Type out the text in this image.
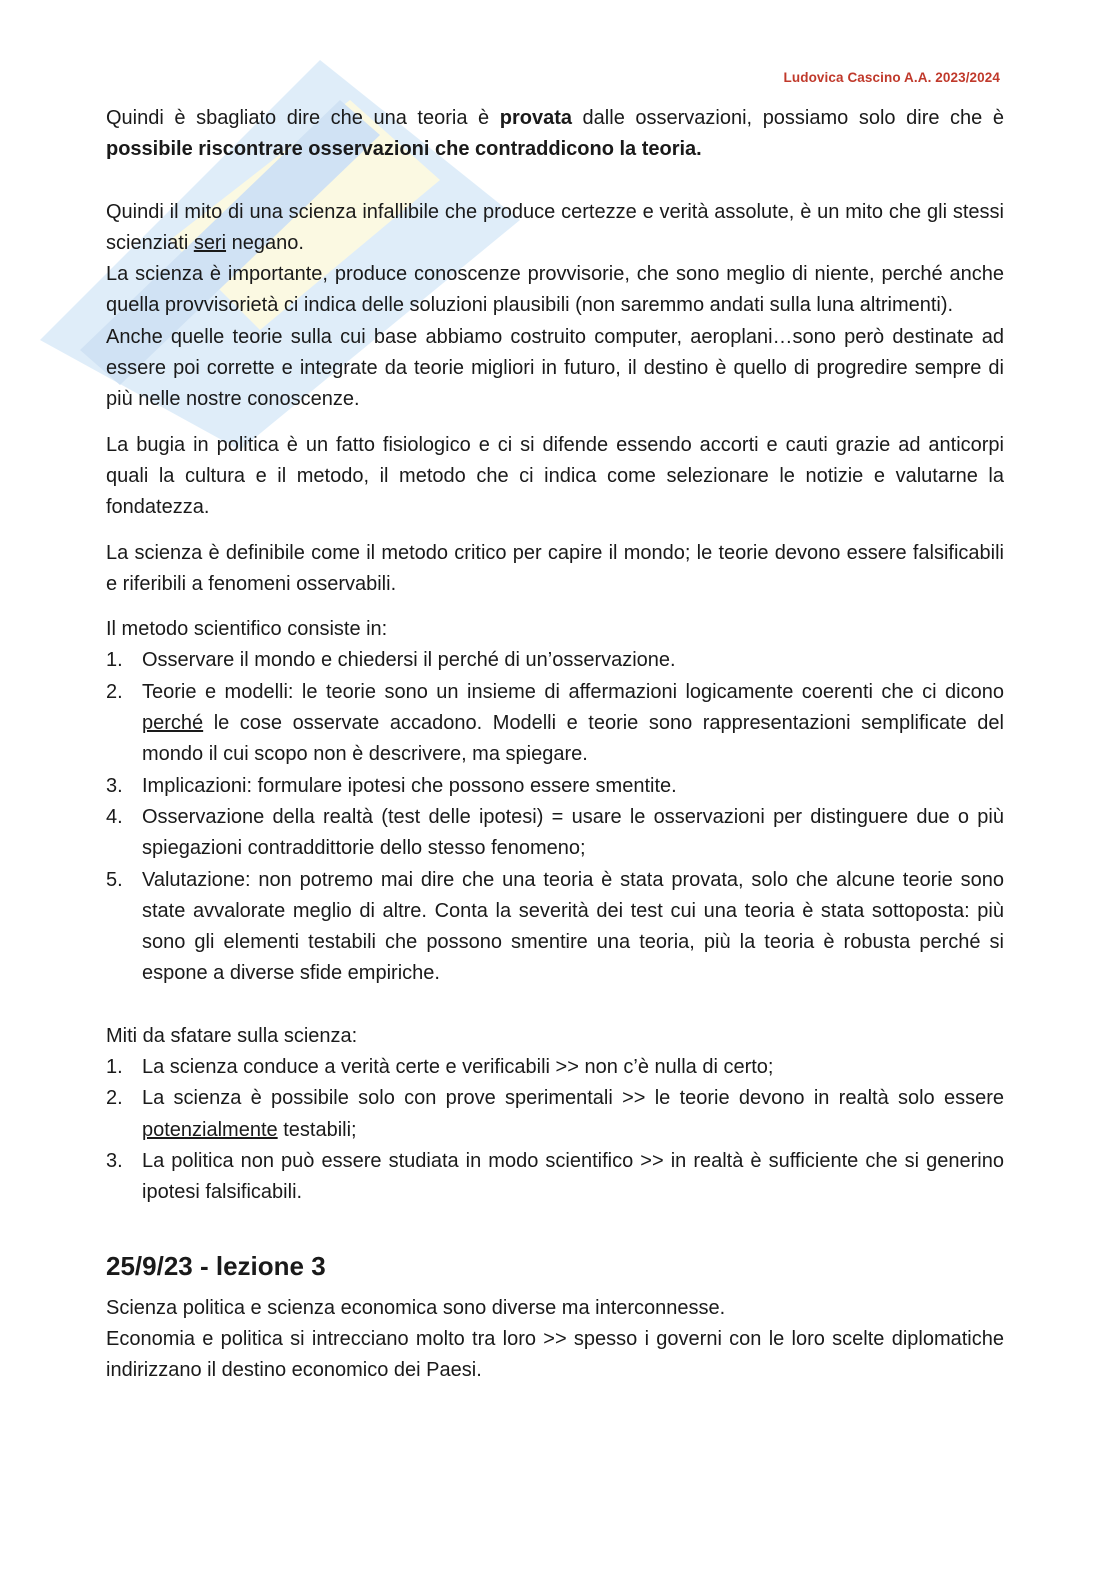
Ludovica Cascino A.A. 2023/2024

Quindi è sbagliato dire che una teoria è provata dalle osservazioni, possiamo solo dire che è possibile riscontrare osservazioni che contraddicono la teoria.

Quindi il mito di una scienza infallibile che produce certezze e verità assolute, è un mito che gli stessi scienziati seri negano.

La scienza è importante, produce conoscenze provvisorie, che sono meglio di niente, perché anche quella provvisorietà ci indica delle soluzioni plausibili (non saremmo andati sulla luna altrimenti).

Anche quelle teorie sulla cui base abbiamo costruito computer, aeroplani…sono però destinate ad essere poi corrette e integrate da teorie migliori in futuro, il destino è quello di progredire sempre di più nelle nostre conoscenze.

La bugia in politica è un fatto fisiologico e ci si difende essendo accorti e cauti grazie ad anticorpi quali la cultura e il metodo, il metodo che ci indica come selezionare le notizie e valutarne la fondatezza.

La scienza è definibile come il metodo critico per capire il mondo; le teorie devono essere falsificabili e riferibili a fenomeni osservabili.

Il metodo scientifico consiste in:

1. Osservare il mondo e chiedersi il perché di un’osservazione.
2. Teorie e modelli: le teorie sono un insieme di affermazioni logicamente coerenti che ci dicono perché le cose osservate accadono. Modelli e teorie sono rappresentazioni semplificate del mondo il cui scopo non è descrivere, ma spiegare.
3. Implicazioni: formulare ipotesi che possono essere smentite.
4. Osservazione della realtà (test delle ipotesi) = usare le osservazioni per distinguere due o più spiegazioni contraddittorie dello stesso fenomeno;
5. Valutazione: non potremo mai dire che una teoria è stata provata, solo che alcune teorie sono state avvalorate meglio di altre. Conta la severità dei test cui una teoria è stata sottoposta: più sono gli elementi testabili che possono smentire una teoria, più la teoria è robusta perché si espone a diverse sfide empiriche.

Miti da sfatare sulla scienza:

1. La scienza conduce a verità certe e verificabili >> non c’è nulla di certo;
2. La scienza è possibile solo con prove sperimentali >> le teorie devono in realtà solo essere potenzialmente testabili;
3. La politica non può essere studiata in modo scientifico >> in realtà è sufficiente che si generino ipotesi falsificabili.
25/9/23 - lezione 3

Scienza politica e scienza economica sono diverse ma interconnesse.

Economia e politica si intrecciano molto tra loro >> spesso i governi con le loro scelte diplomatiche indirizzano il destino economico dei Paesi.
